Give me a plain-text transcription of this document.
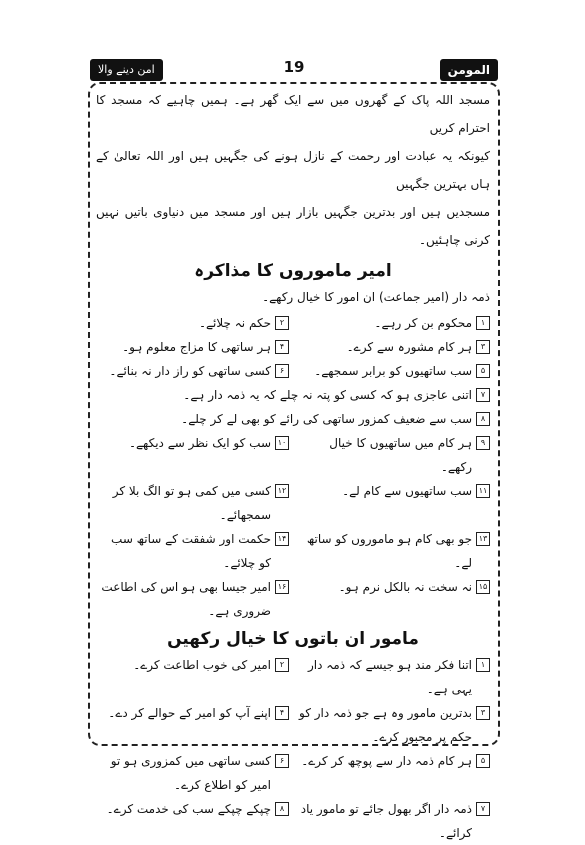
المومن
19
امن دینے والا

مسجد اللہ پاک کے گھروں میں سے ایک گھر ہے۔ ہمیں چاہیے کہ مسجد کا احترام کریں

کیونکہ یہ عبادت اور رحمت کے نازل ہونے کی جگہیں ہیں اور اللہ تعالیٰ کے ہاں بہترین جگہیں

مسجدیں ہیں اور بدترین جگہیں بازار ہیں اور مسجد میں دنیاوی باتیں نہیں کرنی چاہئیں۔

امیر ماموروں کا مذاکرہ
ذمہ دار (امیر جماعت) ان امور کا خیال رکھے۔
۱
محکوم بن کر رہے۔
۲
حکم نہ چلائے۔
۳
ہر کام مشورہ سے کرے۔
۴
ہر ساتھی کا مزاج معلوم ہو۔
۵
سب ساتھیوں کو برابر سمجھے۔
۶
کسی ساتھی کو راز دار نہ بنائے۔
۷
اتنی عاجزی ہو کہ کسی کو پتہ نہ چلے کہ یہ ذمہ دار ہے۔
۸
سب سے ضعیف کمزور ساتھی کی رائے کو بھی لے کر چلے۔
۹
ہر کام میں ساتھیوں کا خیال رکھے۔
۱۰
سب کو ایک نظر سے دیکھے۔
۱۱
سب ساتھیوں سے کام لے۔
۱۲
کسی میں کمی ہو تو الگ بلا کر سمجھائے۔
۱۳
جو بھی کام ہو ماموروں کو ساتھ لے۔
۱۴
حکمت اور شفقت کے ساتھ سب کو چلائے۔
۱۵
نہ سخت نہ بالکل نرم ہو۔
۱۶
امیر جیسا بھی ہو اس کی اطاعت ضروری ہے۔
مامور ان باتوں کا خیال رکھیں
۱
اتنا فکر مند ہو جیسے کہ ذمہ دار یہی ہے۔
۲
امیر کی خوب اطاعت کرے۔
۳
بدترین مامور وہ ہے جو ذمہ دار کو حکم پر مجبور کرے۔
۴
اپنے آپ کو امیر کے حوالے کر دے۔
۵
ہر کام ذمہ دار سے پوچھ کر کرے۔
۶
کسی ساتھی میں کمزوری ہو تو امیر کو اطلاع کرے۔
۷
ذمہ دار اگر بھول جائے تو مامور یاد کرائے۔
۸
چپکے چپکے سب کی خدمت کرے۔
